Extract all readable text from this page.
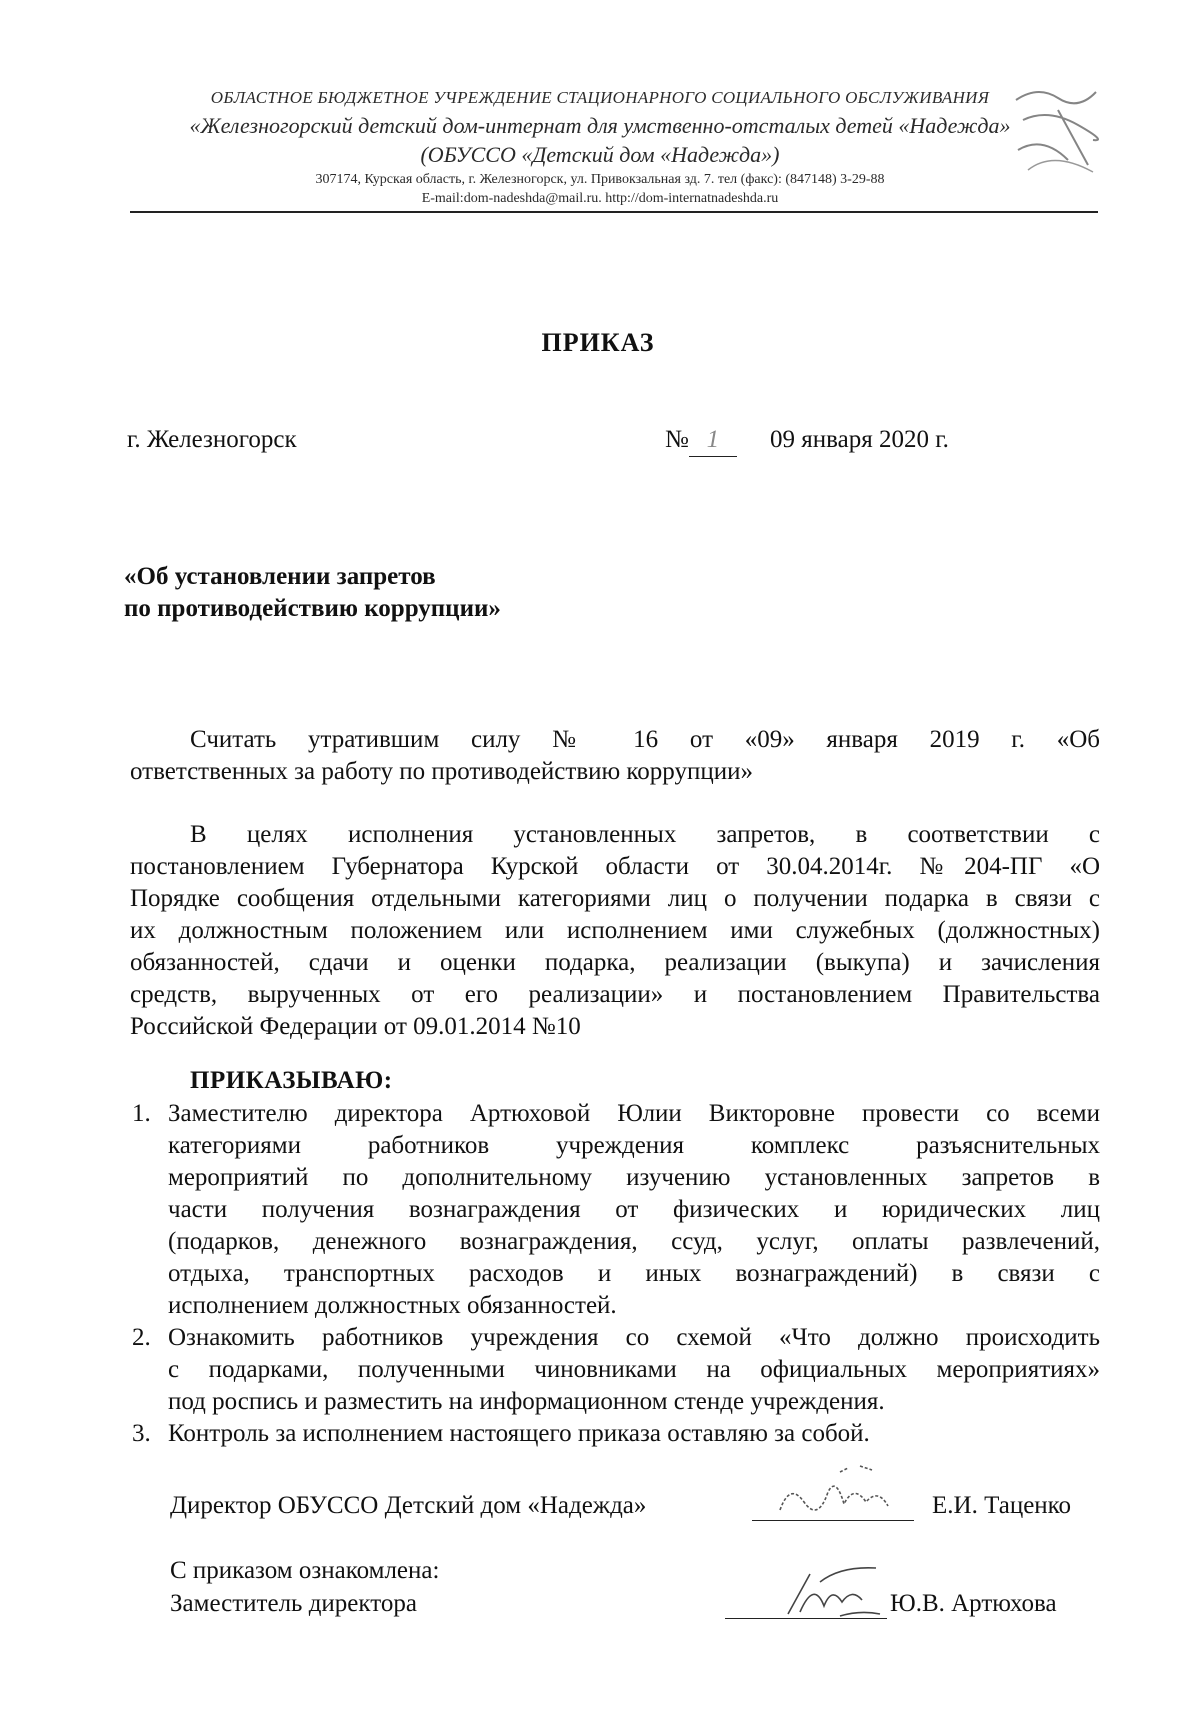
ОБЛАСТНОЕ БЮДЖЕТНОЕ УЧРЕЖДЕНИЕ СТАЦИОНАРНОГО СОЦИАЛЬНОГО ОБСЛУЖИВАНИЯ
«Железногорский детский дом-интернат для умственно-отсталых детей «Надежда»
(ОБУССО «Детский дом «Надежда»)
307174, Курская область, г. Железногорск, ул. Привокзальная зд. 7. тел (факс): (847148) 3-29-88
E-mail:dom-nadeshda@mail.ru. http://dom-internatnadeshda.ru
ПРИКАЗ
г. Железногорск	№ 1	09 января 2020 г.
«Об установлении запретов
по противодействию коррупции»
Считать утратившим силу № 16 от «09» января 2019 г. «Об
ответственных за работу по противодействию коррупции»
В целях исполнения установленных запретов, в соответствии с
постановлением Губернатора Курской области от 30.04.2014г. №204-ПГ «О
Порядке сообщения отдельными категориями лиц о получении подарка в связи с
их должностным положением или исполнением ими служебных (должностных)
обязанностей, сдачи и оценки подарка, реализации (выкупа) и зачисления
средств, вырученных от его реализации» и постановлением Правительства
Российской Федерации от 09.01.2014 №10
ПРИКАЗЫВАЮ:
1. Заместителю директора Артюховой Юлии Викторовне провести со всеми
категориями работников учреждения комплекс разъяснительных
мероприятий по дополнительному изучению установленных запретов в
части получения вознаграждения от физических и юридических лиц
(подарков, денежного вознаграждения, ссуд, услуг, оплаты развлечений,
отдыха, транспортных расходов и иных вознаграждений) в связи с
исполнением должностных обязанностей.
2. Ознакомить работников учреждения со схемой «Что должно происходить
с подарками, полученными чиновниками на официальных мероприятиях»
под роспись и разместить на информационном стенде учреждения.
3. Контроль за исполнением настоящего приказа оставляю за собой.
Директор ОБУССО Детский дом «Надежда»	Е.И. Таценко
С приказом ознакомлена:
Заместитель директора	Ю.В. Артюхова
